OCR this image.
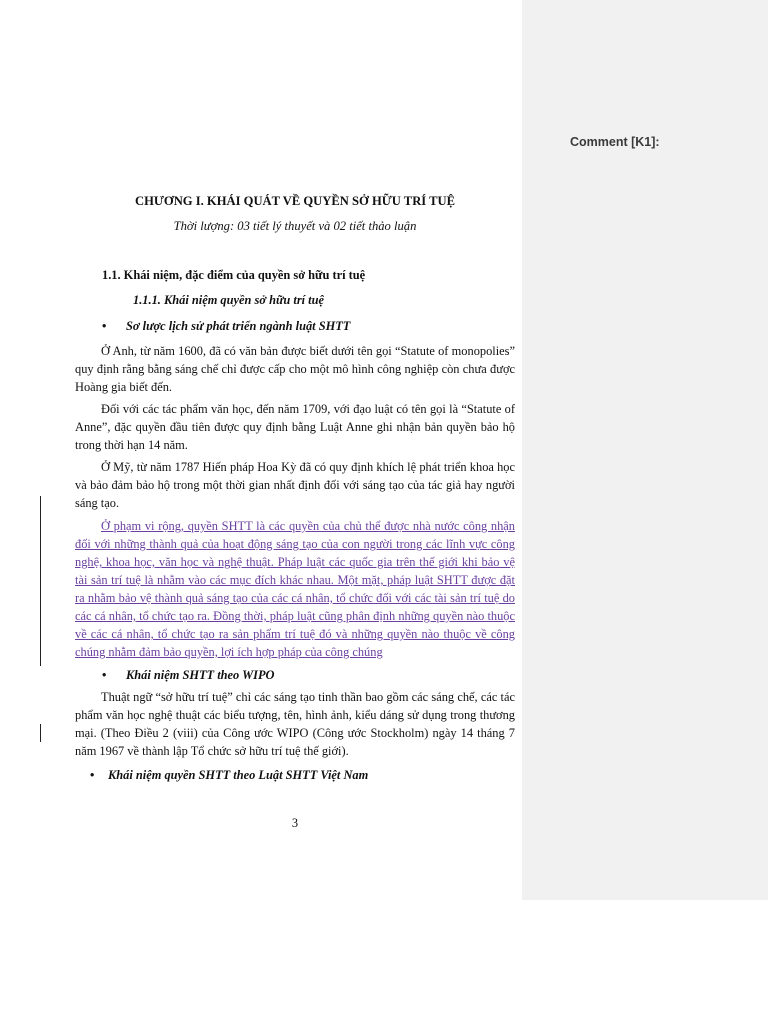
Comment [K1]:
CHƯƠNG I. KHÁI QUÁT VỀ QUYỀN SỞ HỮU TRÍ TUỆ
Thời lượng: 03 tiết lý thuyết và 02 tiết thảo luận
1.1. Khái niệm, đặc điểm của quyền sở hữu trí tuệ
1.1.1. Khái niệm quyền sở hữu trí tuệ
• Sơ lược lịch sử phát triển ngành luật SHTT
Ở Anh, từ năm 1600, đã có văn bản được biết dưới tên gọi “Statute of monopolies” quy định rằng bằng sáng chế chỉ được cấp cho một mô hình công nghiệp còn chưa được Hoàng gia biết đến.
Đối với các tác phẩm văn học, đến năm 1709, với đạo luật có tên gọi là “Statute of Anne”, đặc quyền đầu tiên được quy định bằng Luật Anne ghi nhận bản quyền bảo hộ trong thời hạn 14 năm.
Ở Mỹ, từ năm 1787 Hiến pháp Hoa Kỳ đã có quy định khích lệ phát triển khoa học và bảo đảm bảo hộ trong một thời gian nhất định đối với sáng tạo của tác giả hay người sáng tạo.
Ở phạm vi rộng, quyền SHTT là các quyền của chủ thể được nhà nước công nhận đối với những thành quả của hoạt động sáng tạo của con người trong các lĩnh vực công nghệ, khoa học, văn học và nghệ thuật. Pháp luật các quốc gia trên thế giới khi bảo vệ tài sản trí tuệ là nhằm vào các mục đích khác nhau. Một mặt, pháp luật SHTT được đặt ra nhằm bảo vệ thành quả sáng tạo của các cá nhân, tổ chức đối với các tài sản trí tuệ do các cá nhân, tổ chức tạo ra. Đồng thời, pháp luật cũng phân định những quyền nào thuộc về các cá nhân, tổ chức tạo ra sản phẩm trí tuệ đó và những quyền nào thuộc về công chúng nhằm đảm bảo quyền, lợi ích hợp pháp của công chúng
• Khái niệm SHTT theo WIPO
Thuật ngữ “sở hữu trí tuệ” chỉ các sáng tạo tinh thần bao gồm các sáng chế, các tác phẩm văn học nghệ thuật các biểu tượng, tên, hình ảnh, kiểu dáng sử dụng trong thương mại. (Theo Điều 2 (viii) của Công ước WIPO (Công ước Stockholm) ngày 14 tháng 7 năm 1967 về thành lập Tổ chức sở hữu trí tuệ thế giới).
• Khái niệm quyền SHTT theo Luật SHTT Việt Nam
3
